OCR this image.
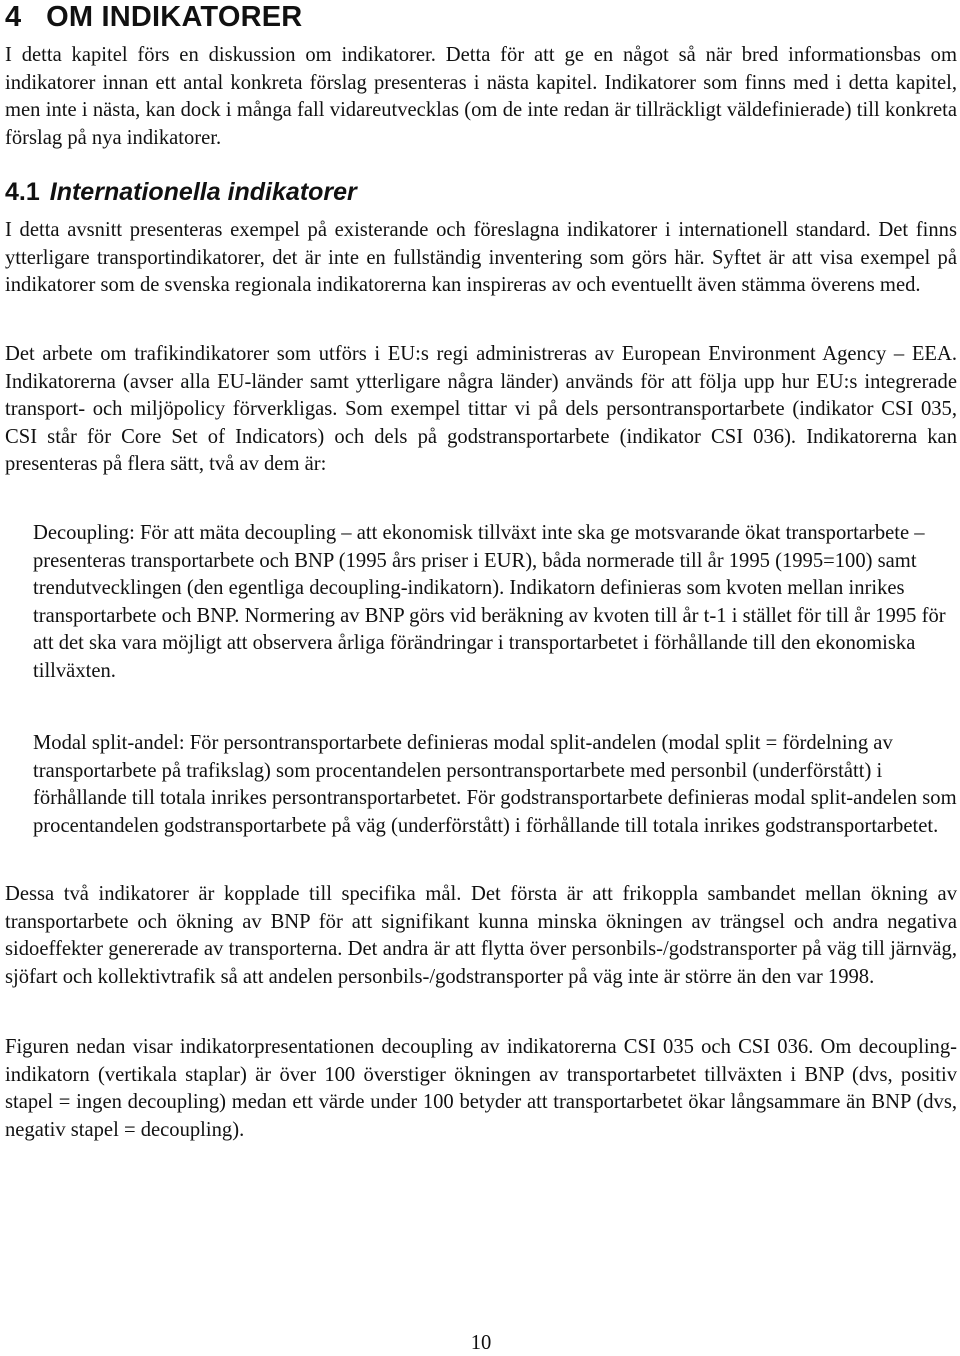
4 OM INDIKATORER

I detta kapitel förs en diskussion om indikatorer. Detta för att ge en något så när bred informationsbas om indikatorer innan ett antal konkreta förslag presenteras i nästa kapitel. Indikatorer som finns med i detta kapitel, men inte i nästa, kan dock i många fall vidareutvecklas (om de inte redan är tillräckligt väldefinierade) till konkreta förslag på nya indikatorer.

4.1 Internationella indikatorer

I detta avsnitt presenteras exempel på existerande och föreslagna indikatorer i internationell standard. Det finns ytterligare transportindikatorer, det är inte en fullständig inventering som görs här. Syftet är att visa exempel på indikatorer som de svenska regionala indikatorerna kan inspireras av och eventuellt även stämma överens med.

Det arbete om trafikindikatorer som utförs i EU:s regi administreras av European Environment Agency – EEA. Indikatorerna (avser alla EU-länder samt ytterligare några länder) används för att följa upp hur EU:s integrerade transport- och miljöpolicy förverkligas. Som exempel tittar vi på dels persontransportarbete (indikator CSI 035, CSI står för Core Set of Indicators) och dels på godstransportarbete (indikator CSI 036). Indikatorerna kan presenteras på flera sätt, två av dem är:

Decoupling: För att mäta decoupling – att ekonomisk tillväxt inte ska ge motsvarande ökat transportarbete – presenteras transportarbete och BNP (1995 års priser i EUR), båda normerade till år 1995 (1995=100) samt trendutvecklingen (den egentliga decoupling-indikatorn). Indikatorn definieras som kvoten mellan inrikes transportarbete och BNP. Normering av BNP görs vid beräkning av kvoten till år t-1 i stället för till år 1995 för att det ska vara möjligt att observera årliga förändringar i transportarbetet i förhållande till den ekonomiska tillväxten.

Modal split-andel: För persontransportarbete definieras modal split-andelen (modal split = fördelning av transportarbete på trafikslag) som procentandelen persontransportarbete med personbil (underförstått) i förhållande till totala inrikes persontransportarbetet. För godstransportarbete definieras modal split-andelen som procentandelen godstransportarbete på väg (underförstått) i förhållande till totala inrikes godstransportarbetet.

Dessa två indikatorer är kopplade till specifika mål. Det första är att frikoppla sambandet mellan ökning av transportarbete och ökning av BNP för att signifikant kunna minska ökningen av trängsel och andra negativa sidoeffekter genererade av transporterna. Det andra är att flytta över personbils-/godstransporter på väg till järnväg, sjöfart och kollektivtrafik så att andelen personbils-/godstransporter på väg inte är större än den var 1998.

Figuren nedan visar indikatorpresentationen decoupling av indikatorerna CSI 035 och CSI 036. Om decoupling-indikatorn (vertikala staplar) är över 100 överstiger ökningen av transportarbetet tillväxten i BNP (dvs, positiv stapel = ingen decoupling) medan ett värde under 100 betyder att transportarbetet ökar långsammare än BNP (dvs, negativ stapel = decoupling).

10
